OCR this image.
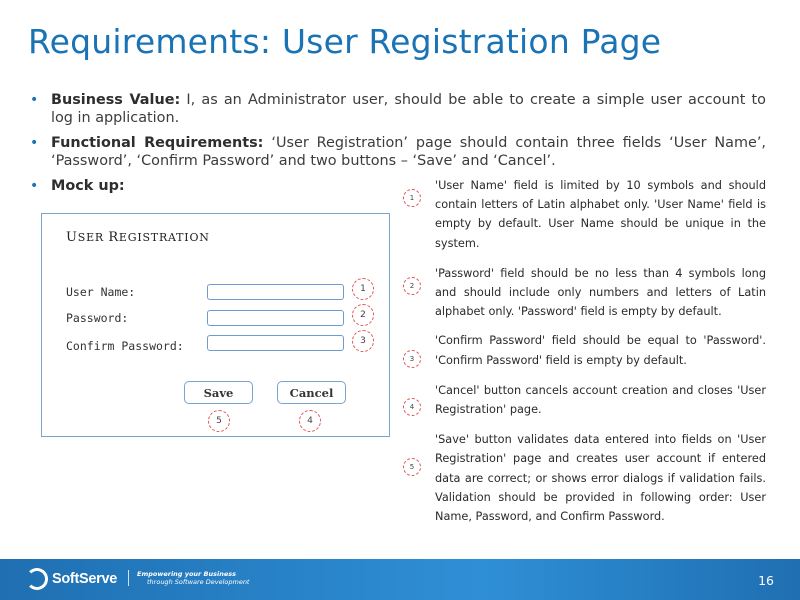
Requirements: User Registration Page
• Business Value: I, as an Administrator user, should be able to create a simple user account to log in application.
• Functional Requirements: ‘User Registration’ page should contain three fields ‘User Name’, ‘Password’, ‘Confirm Password’ and two buttons – ‘Save’ and ‘Cancel’.
• Mock up:
USER REGISTRATION
User Name:	1
Password:	2
Confirm Password:	3
Save	Cancel
5	4
1
2
3
4
5
'User Name' field is limited by 10 symbols and should contain letters of Latin alphabet only. 'User Name' field is empty by default. User Name should be unique in the system.
'Password' field should be no less than 4 symbols long and should include only numbers and letters of Latin alphabet only. 'Password' field is empty by default.
'Confirm Password' field should be equal to 'Password'. 'Confirm Password' field is empty by default.
'Cancel' button cancels account creation and closes 'User Registration' page.
'Save' button validates data entered into fields on 'User Registration' page and creates user account if entered data are correct; or shows error dialogs if validation fails. Validation should be provided in following order: User Name, Password, and Confirm Password.
SoftServe	Empowering your Business
through Software Development	16
